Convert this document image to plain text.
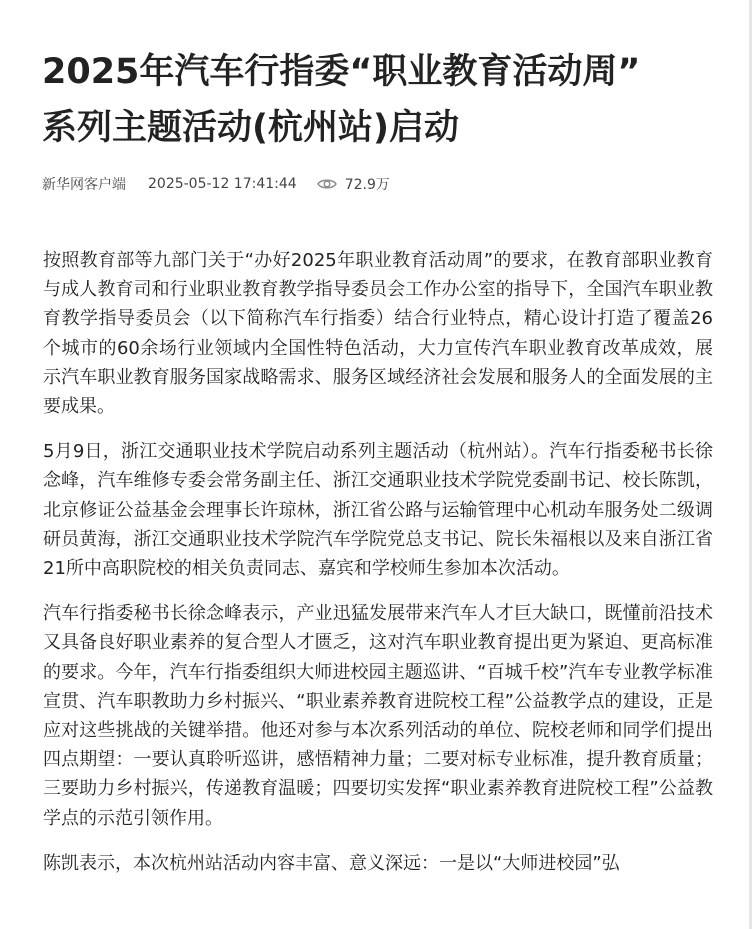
2025年汽车行指委“职业教育活动周”
系列主题活动(杭州站)启动
新华网客户端 2025-05-12 17:41:44	72.9万

按照教育部等九部门关于“办好2025年职业教育活动周”的要求，在教育部职业教育与成人教育司和行业职业教育教学指导委员会工作办公室的指导下，全国汽车职业教育教学指导委员会（以下简称汽车行指委）结合行业特点，精心设计打造了覆盖26个城市的60余场行业领域内全国性特色活动，大力宣传汽车职业教育改革成效，展示汽车职业教育服务国家战略需求、服务区域经济社会发展和服务人的全面发展的主要成果。

5月9日，浙江交通职业技术学院启动系列主题活动（杭州站）。汽车行指委秘书长徐念峰，汽车维修专委会常务副主任、浙江交通职业技术学院党委副书记、校长陈凯，北京修证公益基金会理事长许琼林，浙江省公路与运输管理中心机动车服务处二级调研员黄海，浙江交通职业技术学院汽车学院党总支书记、院长朱福根以及来自浙江省21所中高职院校的相关负责同志、嘉宾和学校师生参加本次活动。

汽车行指委秘书长徐念峰表示，产业迅猛发展带来汽车人才巨大缺口，既懂前沿技术又具备良好职业素养的复合型人才匮乏，这对汽车职业教育提出更为紧迫、更高标准的要求。今年，汽车行指委组织大师进校园主题巡讲、“百城千校”汽车专业教学标准宣贯、汽车职教助力乡村振兴、“职业素养教育进院校工程”公益教学点的建设，正是应对这些挑战的关键举措。他还对参与本次系列活动的单位、院校老师和同学们提出四点期望：一要认真聆听巡讲，感悟精神力量；二要对标专业标准，提升教育质量；三要助力乡村振兴，传递教育温暖；四要切实发挥“职业素养教育进院校工程”公益教学点的示范引领作用。

陈凯表示，本次杭州站活动内容丰富、意义深远：一是以“大师进校园”弘
